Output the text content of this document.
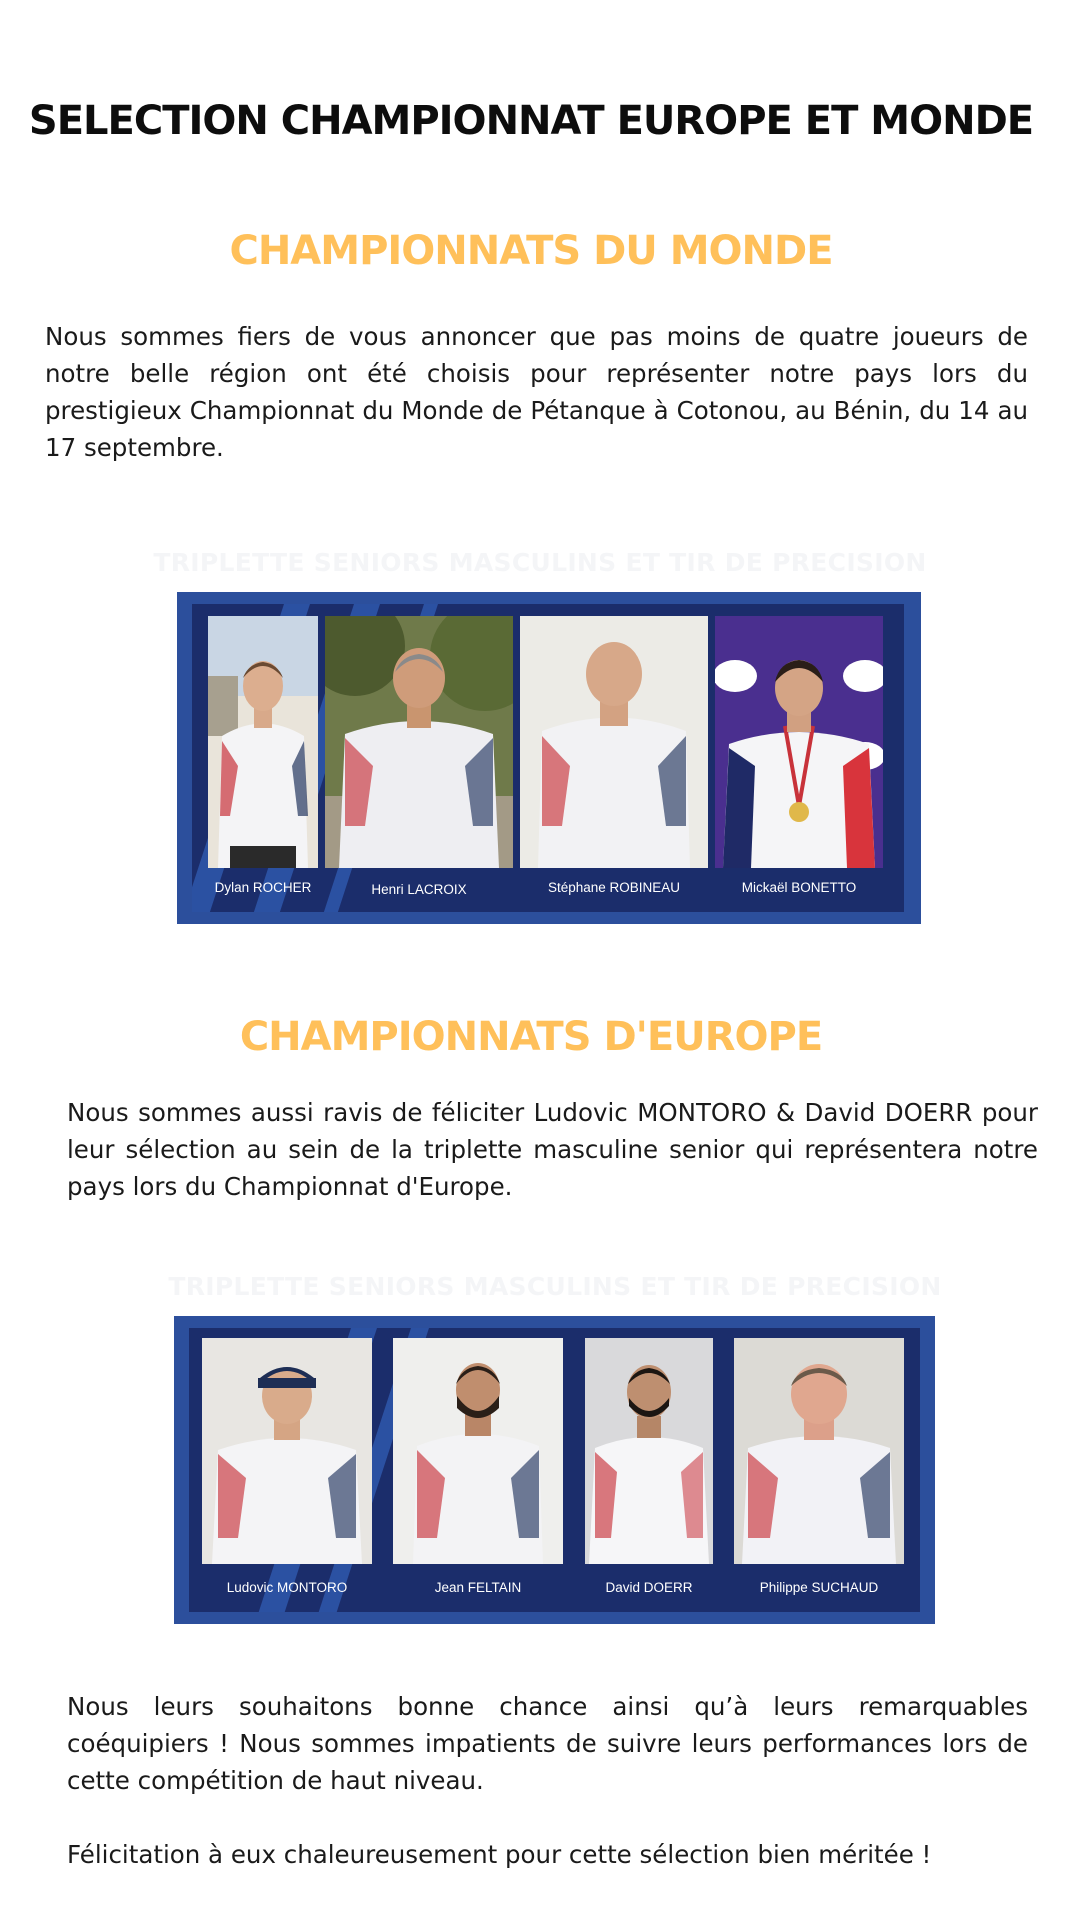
SELECTION CHAMPIONNAT EUROPE ET MONDE
CHAMPIONNATS DU MONDE

Nous sommes fiers de vous annoncer que pas moins de quatre joueurs de notre belle région ont été choisis pour représenter notre pays lors du prestigieux Championnat du Monde de Pétanque à Cotonou, au Bénin, du 14 au 17 septembre.

TRIPLETTE SENIORS MASCULINS ET TIR DE PRECISION
Dylan ROCHER	Henri LACROIX	Stéphane ROBINEAU	Mickaël BONETTO
CHAMPIONNATS D'EUROPE

Nous sommes aussi ravis de féliciter Ludovic MONTORO & David DOERR pour leur sélection au sein de la triplette masculine senior qui représentera notre pays lors du Championnat d'Europe.

TRIPLETTE SENIORS MASCULINS ET TIR DE PRECISION
Ludovic MONTORO	Jean FELTAIN	David DOERR	Philippe SUCHAUD

Nous leurs souhaitons bonne chance ainsi qu’à leurs remarquables coéquipiers ! Nous sommes impatients de suivre leurs performances lors de cette compétition de haut niveau.

Félicitation à eux chaleureusement pour cette sélection bien méritée !
